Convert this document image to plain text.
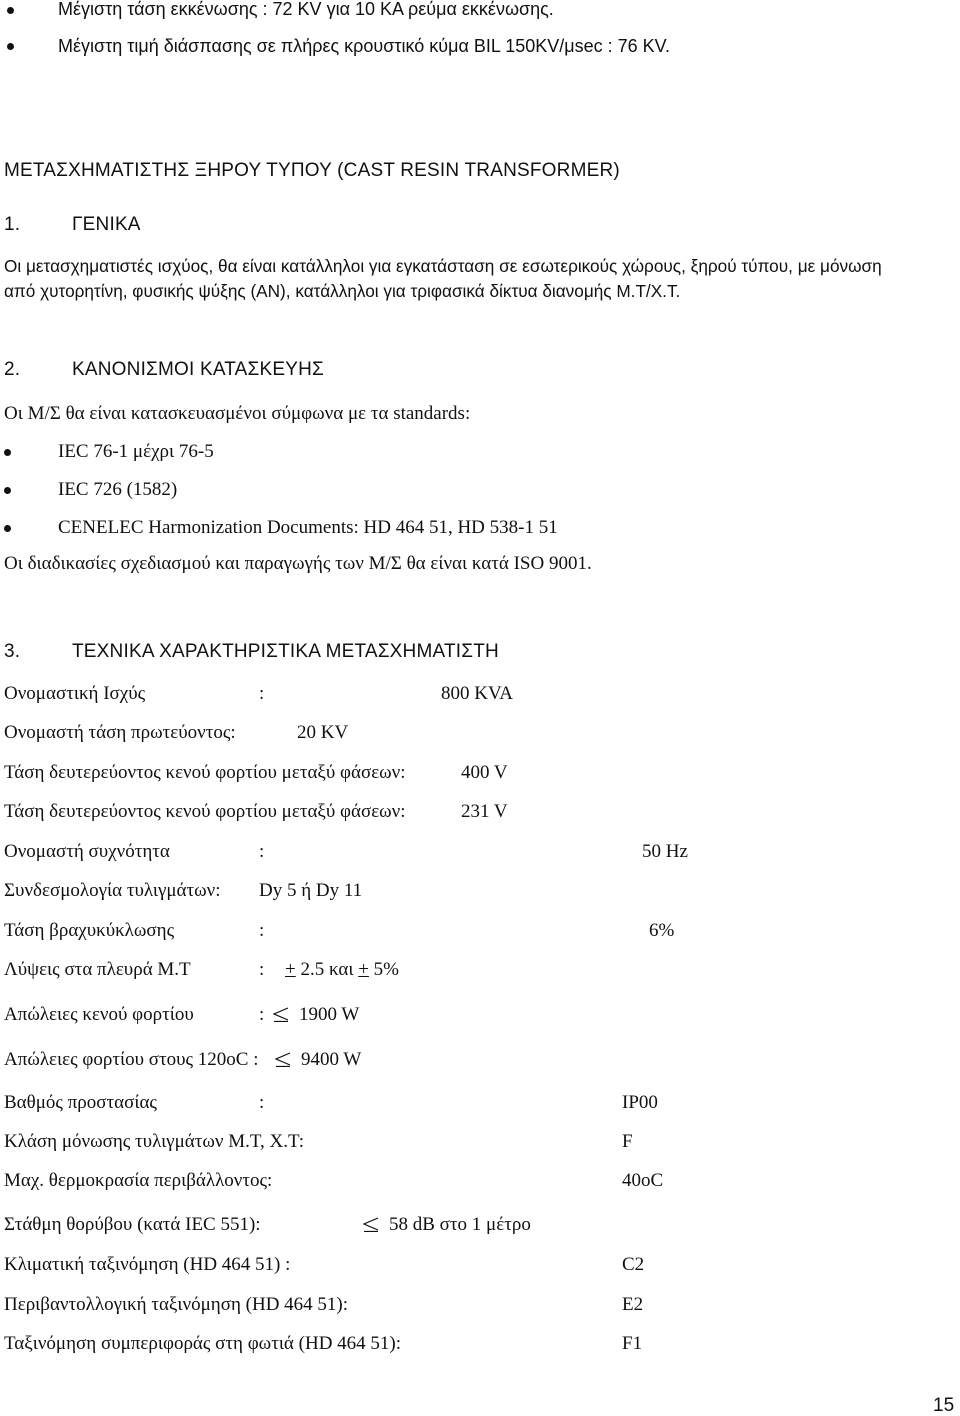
Μέγιστη τάση εκκένωσης : 72 KV για 10 ΚΑ ρεύμα εκκένωσης.
Μέγιστη τιμή διάσπασης σε πλήρες κρουστικό κύμα BIL 150KV/μsec : 76 KV.
ΜΕΤΑΣΧΗΜΑΤΙΣΤΗΣ ΞΗΡΟΥ ΤΥΠΟΥ (CAST RESIN TRANSFORMER)
1.	ΓΕΝΙΚΑ
Οι μετασχηματιστές ισχύος, θα είναι κατάλληλοι για εγκατάσταση σε εσωτερικούς χώρους, ξηρού τύπου, με μόνωση
από χυτορητίνη, φυσικής ψύξης (ΑΝ), κατάλληλοι για τριφασικά δίκτυα διανομής Μ.Τ/Χ.Τ.
2.	ΚΑΝΟΝΙΣΜΟΙ ΚΑΤΑΣΚΕΥΗΣ
Οι Μ/Σ θα είναι κατασκευασμένοι σύμφωνα με τα standards:
IEC 76-1 μέχρι 76-5
IEC 726 (1582)
CENELEC Harmonization Documents: HD 464 51, HD 538-1 51
Οι διαδικασίες σχεδιασμού και παραγωγής των Μ/Σ θα είναι κατά ISO 9001.
3.	ΤΕΧΝΙΚΑ ΧΑΡΑΚΤΗΡΙΣΤΙΚΑ ΜΕΤΑΣΧΗΜΑΤΙΣΤΗ
Ονομαστική Ισχύς	:	800 KVA
Ονομαστή τάση πρωτεύοντος:	20 KV
Τάση δευτερεύοντος κενού φορτίου μεταξύ φάσεων:	400 V
Τάση δευτερεύοντος κενού φορτίου μεταξύ φάσεων:	231 V
Ονομαστή συχνότητα	:	50 Hz
Συνδεσμολογία τυλιγμάτων: Dy 5 ή Dy 11
Τάση βραχυκύκλωσης	:	6%
Λύψεις στα πλευρά Μ.Τ	: + 2.5 και + 5%
Απώλειες κενού φορτίου	:	1900 W
Απώλειες φορτίου στους 120oC :	9400 W
Βαθμός προστασίας	:	IP00
Κλάση μόνωσης τυλιγμάτων Μ.Τ, Χ.Τ:	F
Μαχ. θερμοκρασία περιβάλλοντος:	40oC
Στάθμη θορύβου (κατά IEC 551):	58 dB στο 1 μέτρο
Κλιματική ταξινόμηση (HD 464 51) :	C2
Περιβαντολλογική ταξινόμηση (HD 464 51):	E2
Ταξινόμηση συμπεριφοράς στη φωτιά (HD 464 51):	F1
15
